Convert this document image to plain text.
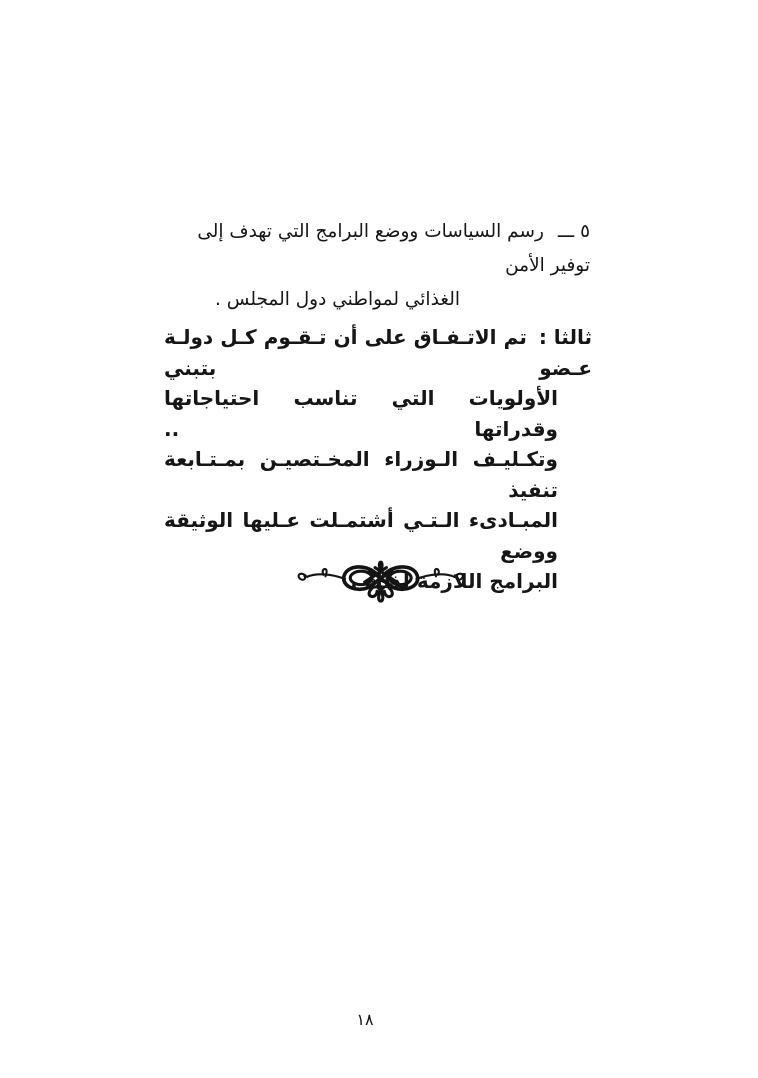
٥ ـــرسم السياسات ووضع البرامج التي تهدف إلى توفير الأمن
الغذائي لمواطني دول المجلس .
ثالثا :تم الاتـفـاق على أن تـقـوم كـل دولـة عـضو بتبني
الأولويات التي تناسب احتياجاتها وقدراتها ..
وتكـليـف الـوزراء المخـتصيـن بمـتـابعة تنفيذ
المبـادىء الـتـي أشتمـلت عـليها الوثيقة ووضع
البرامج اللازمة لذلك .
١٨
